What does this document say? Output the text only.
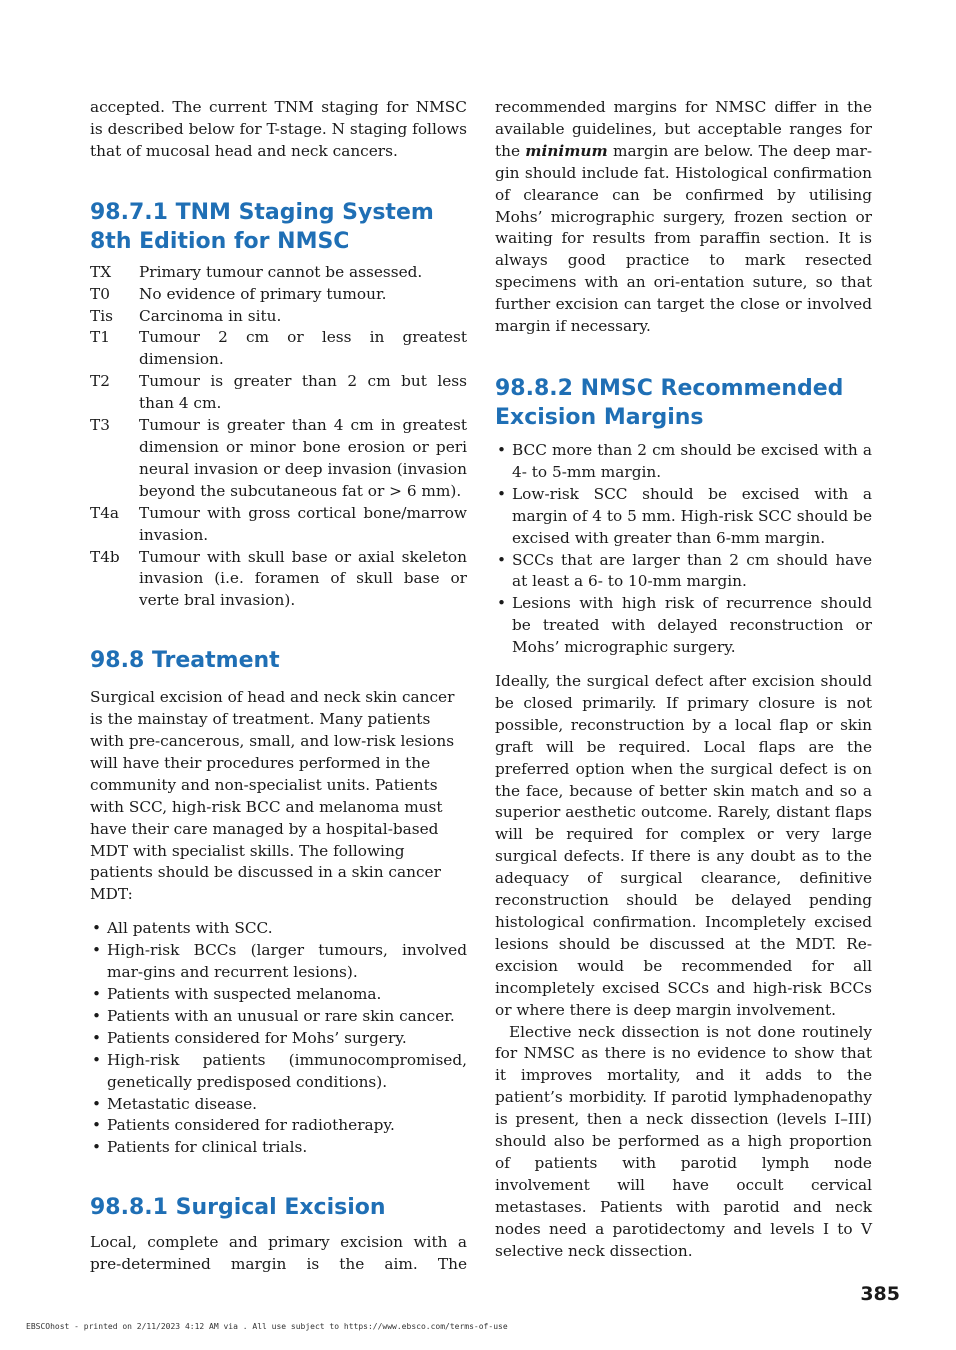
accepted. The current TNM staging for NMSC is described below for T-stage. N staging follows that of mucosal head and neck cancers.

98.7.1 TNM Staging System 8th Edition for NMSC
TX	Primary tumour cannot be assessed.
T0	No evidence of primary tumour.
Tis	Carcinoma in situ.
T1	Tumour 2 cm or less in greatest dimension.
T2	Tumour is greater than 2 cm but less than 4 cm.
T3	Tumour is greater than 4 cm in greatest dimension or minor bone erosion or peri neural invasion or deep invasion (invasion beyond the subcutaneous fat or > 6 mm).
T4a	Tumour with gross cortical bone/marrow invasion.
T4b	Tumour with skull base or axial skeleton invasion (i.e. foramen of skull base or verte bral invasion).
98.8 Treatment

Surgical excision of head and neck skin cancer is the mainstay of treatment. Many patients with pre-cancerous, small, and low-risk lesions will have their procedures performed in the community and non-specialist units. Patients with SCC, high-risk BCC and melanoma must have their care managed by a hospital-based MDT with specialist skills. The following patients should be discussed in a skin cancer MDT:

• All patents with SCC.
• High-risk BCCs (larger tumours, involved mar-gins and recurrent lesions).
• Patients with suspected melanoma.
• Patients with an unusual or rare skin cancer.
• Patients considered for Mohs’ surgery.
• High-risk patients (immunocompromised, genetically predisposed conditions).
• Metastatic disease.
• Patients considered for radiotherapy.
• Patients for clinical trials.
98.8.1 Surgical Excision

Local, complete and primary excision with a pre-determined margin is the aim. The

recommended margins for NMSC differ in the available guidelines, but acceptable ranges for the minimum margin are below. The deep mar-gin should include fat. Histological confirmation of clearance can be confirmed by utilising Mohs’ micrographic surgery, frozen section or waiting for results from paraffin section. It is always good practice to mark resected specimens with an ori-entation suture, so that further excision can target the close or involved margin if necessary.

98.8.2 NMSC Recommended Excision Margins
• BCC more than 2 cm should be excised with a 4- to 5-mm margin.
• Low-risk SCC should be excised with a margin of 4 to 5 mm. High-risk SCC should be excised with greater than 6-mm margin.
• SCCs that are larger than 2 cm should have at least a 6- to 10-mm margin.
• Lesions with high risk of recurrence should be treated with delayed reconstruction or Mohs’ micrographic surgery.

Ideally, the surgical defect after excision should be closed primarily. If primary closure is not possible, reconstruction by a local flap or skin graft will be required. Local flaps are the preferred option when the surgical defect is on the face, because of better skin match and so a superior aesthetic outcome. Rarely, distant flaps will be required for complex or very large surgical defects. If there is any doubt as to the adequacy of surgical clearance, definitive reconstruction should be delayed pending histological confirmation. Incompletely excised lesions should be discussed at the MDT. Re-excision would be recommended for all incompletely excised SCCs and high-risk BCCs or where there is deep margin involvement.

Elective neck dissection is not done routinely for NMSC as there is no evidence to show that it improves mortality, and it adds to the patient’s morbidity. If parotid lymphadenopathy is present, then a neck dissection (levels I–III) should also be performed as a high proportion of patients with parotid lymph node involvement will have occult cervical metastases. Patients with parotid and neck nodes need a parotidectomy and levels I to V selective neck dissection.

385
EBSCOhost - printed on 2/11/2023 4:12 AM via . All use subject to https://www.ebsco.com/terms-of-use
